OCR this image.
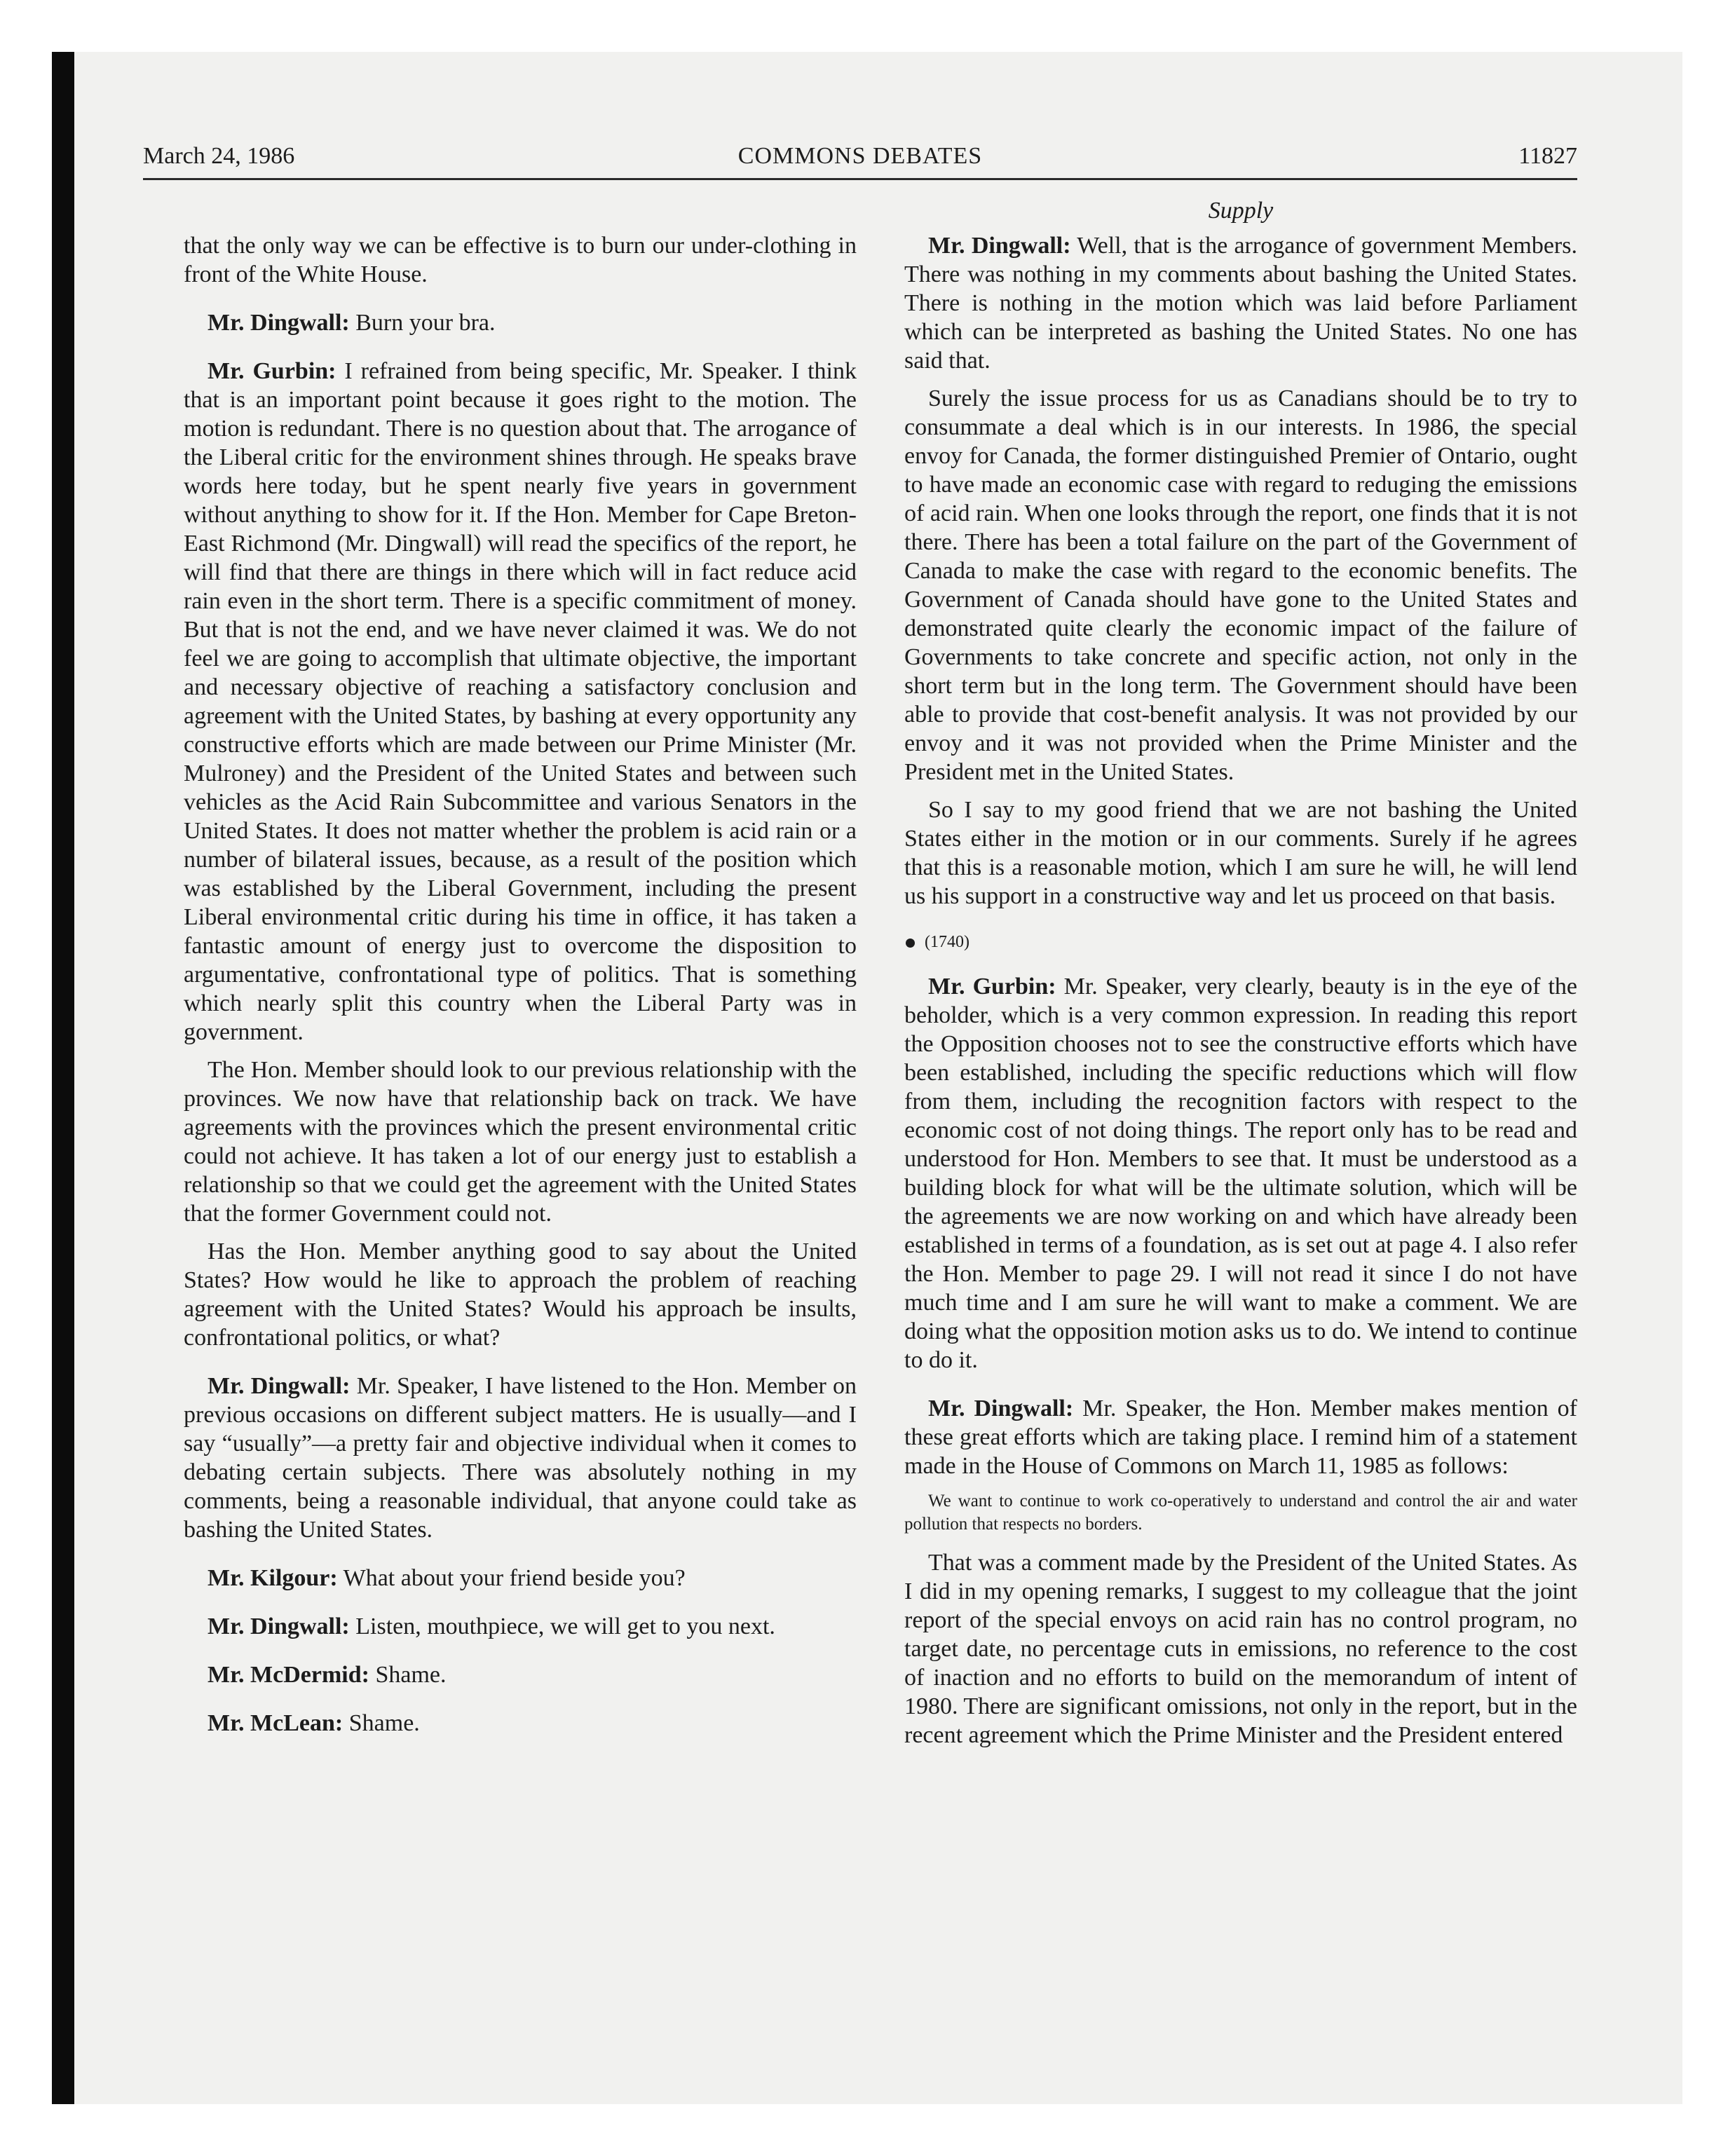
March 24, 1986	COMMONS DEBATES	11827
Supply

that the only way we can be effective is to burn our under-clothing in front of the White House.

Mr. Dingwall: Burn your bra.

Mr. Gurbin: I refrained from being specific, Mr. Speaker. I think that is an important point because it goes right to the motion. The motion is redundant. There is no question about that. The arrogance of the Liberal critic for the environment shines through. He speaks brave words here today, but he spent nearly five years in government without anything to show for it. If the Hon. Member for Cape Breton-East Richmond (Mr. Dingwall) will read the specifics of the report, he will find that there are things in there which will in fact reduce acid rain even in the short term. There is a specific commitment of money. But that is not the end, and we have never claimed it was. We do not feel we are going to accomplish that ultimate objective, the important and necessary objective of reaching a satisfactory conclusion and agreement with the United States, by bashing at every opportunity any constructive efforts which are made between our Prime Minister (Mr. Mulroney) and the President of the United States and between such vehicles as the Acid Rain Subcommittee and various Senators in the United States. It does not matter whether the problem is acid rain or a number of bilateral issues, because, as a result of the position which was established by the Liberal Government, including the present Liberal environmental critic during his time in office, it has taken a fantastic amount of energy just to overcome the disposition to argumentative, confrontational type of politics. That is something which nearly split this country when the Liberal Party was in government.

The Hon. Member should look to our previous relationship with the provinces. We now have that relationship back on track. We have agreements with the provinces which the present environmental critic could not achieve. It has taken a lot of our energy just to establish a relationship so that we could get the agreement with the United States that the former Government could not.

Has the Hon. Member anything good to say about the United States? How would he like to approach the problem of reaching agreement with the United States? Would his approach be insults, confrontational politics, or what?

Mr. Dingwall: Mr. Speaker, I have listened to the Hon. Member on previous occasions on different subject matters. He is usually—and I say “usually”—a pretty fair and objective individual when it comes to debating certain subjects. There was absolutely nothing in my comments, being a reasonable individual, that anyone could take as bashing the United States.

Mr. Kilgour: What about your friend beside you?

Mr. Dingwall: Listen, mouthpiece, we will get to you next.

Mr. McDermid: Shame.

Mr. McLean: Shame.

Mr. Dingwall: Well, that is the arrogance of government Members. There was nothing in my comments about bashing the United States. There is nothing in the motion which was laid before Parliament which can be interpreted as bashing the United States. No one has said that.

Surely the issue process for us as Canadians should be to try to consummate a deal which is in our interests. In 1986, the special envoy for Canada, the former distinguished Premier of Ontario, ought to have made an economic case with regard to reduging the emissions of acid rain. When one looks through the report, one finds that it is not there. There has been a total failure on the part of the Government of Canada to make the case with regard to the economic benefits. The Government of Canada should have gone to the United States and demonstrated quite clearly the economic impact of the failure of Governments to take concrete and specific action, not only in the short term but in the long term. The Government should have been able to provide that cost-benefit analysis. It was not provided by our envoy and it was not provided when the Prime Minister and the President met in the United States.

So I say to my good friend that we are not bashing the United States either in the motion or in our comments. Surely if he agrees that this is a reasonable motion, which I am sure he will, he will lend us his support in a constructive way and let us proceed on that basis.

(1740)

Mr. Gurbin: Mr. Speaker, very clearly, beauty is in the eye of the beholder, which is a very common expression. In reading this report the Opposition chooses not to see the constructive efforts which have been established, including the specific reductions which will flow from them, including the recognition factors with respect to the economic cost of not doing things. The report only has to be read and understood for Hon. Members to see that. It must be understood as a building block for what will be the ultimate solution, which will be the agreements we are now working on and which have already been established in terms of a foundation, as is set out at page 4. I also refer the Hon. Member to page 29. I will not read it since I do not have much time and I am sure he will want to make a comment. We are doing what the opposition motion asks us to do. We intend to continue to do it.

Mr. Dingwall: Mr. Speaker, the Hon. Member makes mention of these great efforts which are taking place. I remind him of a statement made in the House of Commons on March 11, 1985 as follows:

We want to continue to work co-operatively to understand and control the air and water pollution that respects no borders.

That was a comment made by the President of the United States. As I did in my opening remarks, I suggest to my colleague that the joint report of the special envoys on acid rain has no control program, no target date, no percentage cuts in emissions, no reference to the cost of inaction and no efforts to build on the memorandum of intent of 1980. There are significant omissions, not only in the report, but in the recent agreement which the Prime Minister and the President entered
